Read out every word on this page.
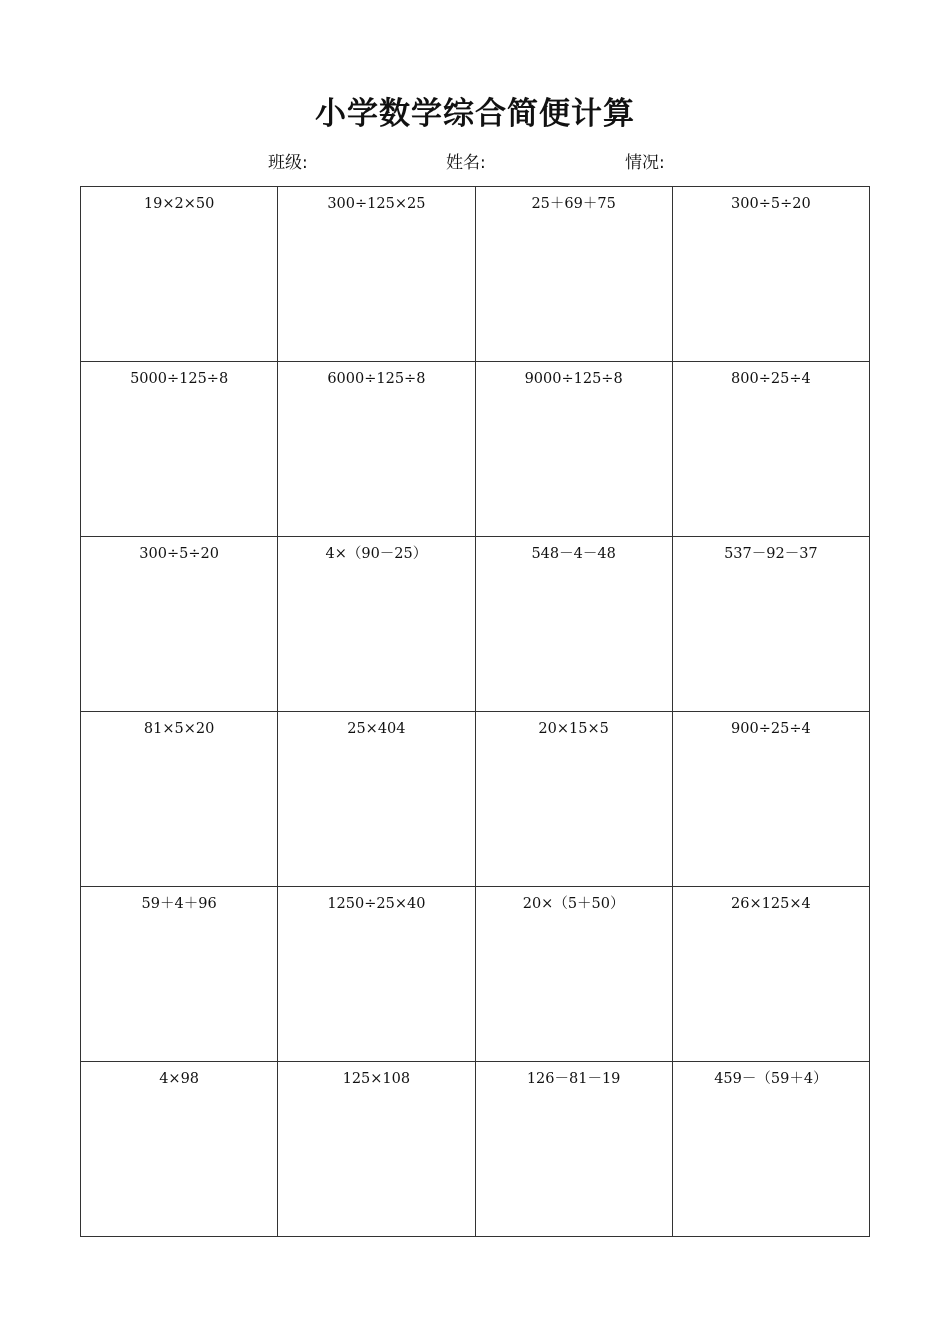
小学数学综合简便计算
班级:	姓名:	情况:
19×2×50	300÷125×25	25＋69＋75	300÷5÷20

5000÷125÷8	6000÷125÷8	9000÷125÷8	800÷25÷4

300÷5÷20	4×（90－25）	548－4－48	537－92－37

81×5×20	25×404	20×15×5	900÷25÷4

59＋4＋96	1250÷25×40	20×（5＋50）	26×125×4

4×98	125×108	126－81－19	459－（59＋4）
